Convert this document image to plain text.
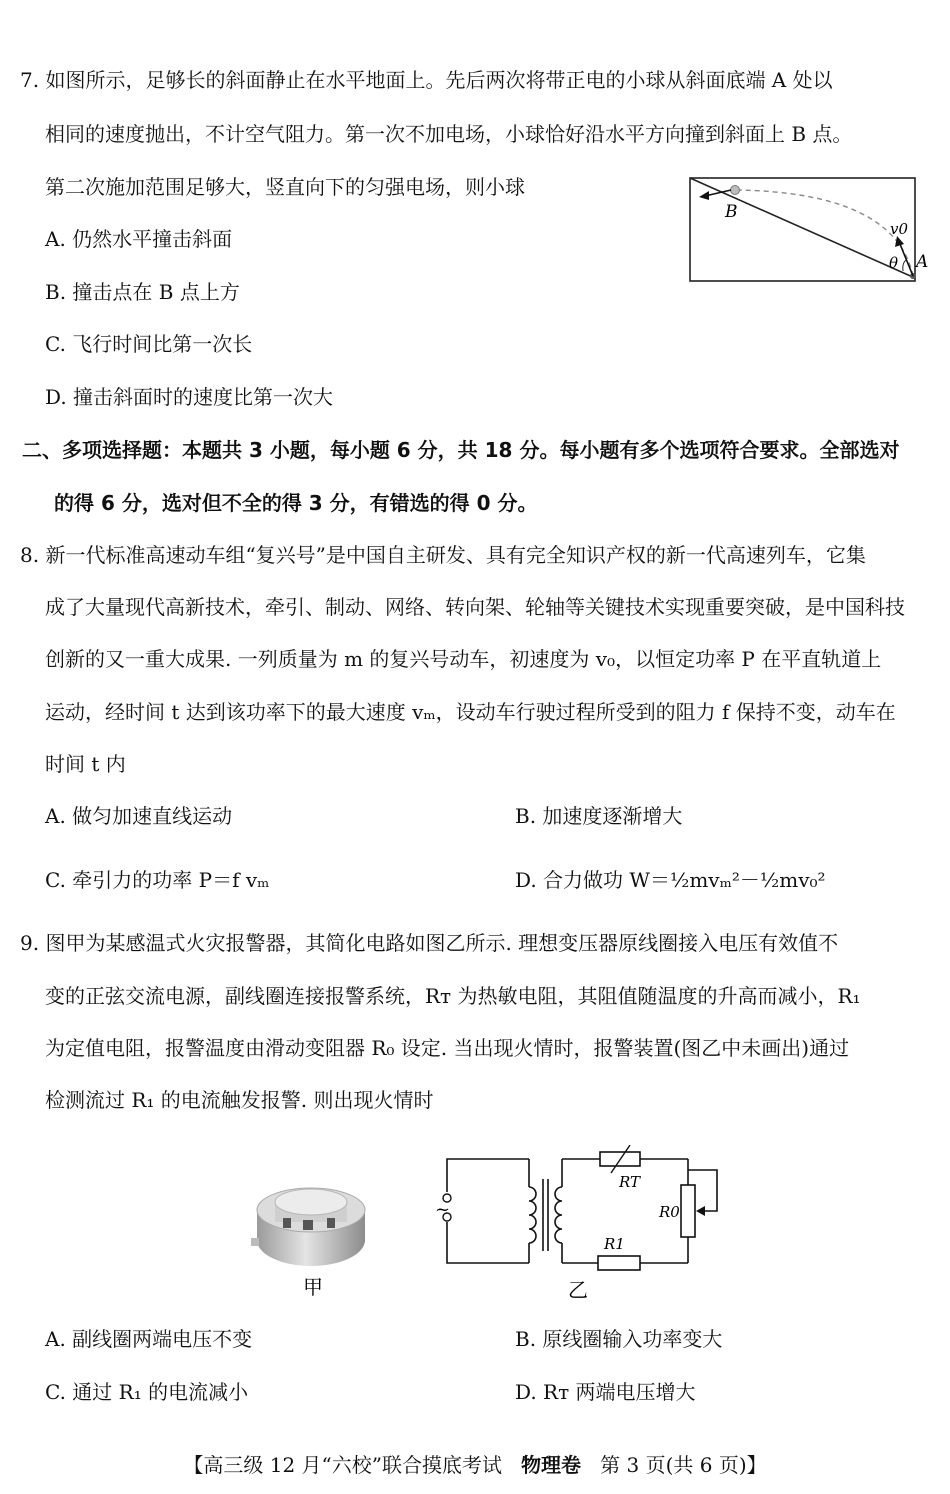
7. 如图所示，足够长的斜面静止在水平地面上。先后两次将带正电的小球从斜面底端 A 处以
相同的速度抛出，不计空气阻力。第一次不加电场，小球恰好沿水平方向撞到斜面上 B 点。
第二次施加范围足够大，竖直向下的匀强电场，则小球
A. 仍然水平撞击斜面
B. 撞击点在 B 点上方
C. 飞行时间比第一次长
D. 撞击斜面时的速度比第一次大
B
A
v0
θ
二、多项选择题：本题共 3 小题，每小题 6 分，共 18 分。每小题有多个选项符合要求。全部选对
的得 6 分，选对但不全的得 3 分，有错选的得 0 分。
8. 新一代标准高速动车组“复兴号”是中国自主研发、具有完全知识产权的新一代高速列车，它集
成了大量现代高新技术，牵引、制动、网络、转向架、轮轴等关键技术实现重要突破，是中国科技
创新的又一重大成果. 一列质量为 m 的复兴号动车，初速度为 v₀，以恒定功率 P 在平直轨道上
运动，经时间 t 达到该功率下的最大速度 vₘ，设动车行驶过程所受到的阻力 f 保持不变，动车在
时间 t 内
A. 做匀加速直线运动	B. 加速度逐渐增大
C. 牵引力的功率 P＝f vₘ	D. 合力做功 W＝½mvₘ²－½mv₀²
9. 图甲为某感温式火灾报警器，其简化电路如图乙所示. 理想变压器原线圈接入电压有效值不
变的正弦交流电源，副线圈连接报警系统，Rᴛ 为热敏电阻，其阻值随温度的升高而减小，R₁
为定值电阻，报警温度由滑动变阻器 R₀ 设定. 当出现火情时，报警装置(图乙中未画出)通过
检测流过 R₁ 的电流触发报警. 则出现火情时
甲
~
RT
R0
R1
乙
A. 副线圈两端电压不变	B. 原线圈输入功率变大
C. 通过 R₁ 的电流减小	D. Rᴛ 两端电压增大
【高三级 12 月“六校”联合摸底考试 物理卷 第 3 页(共 6 页)】
